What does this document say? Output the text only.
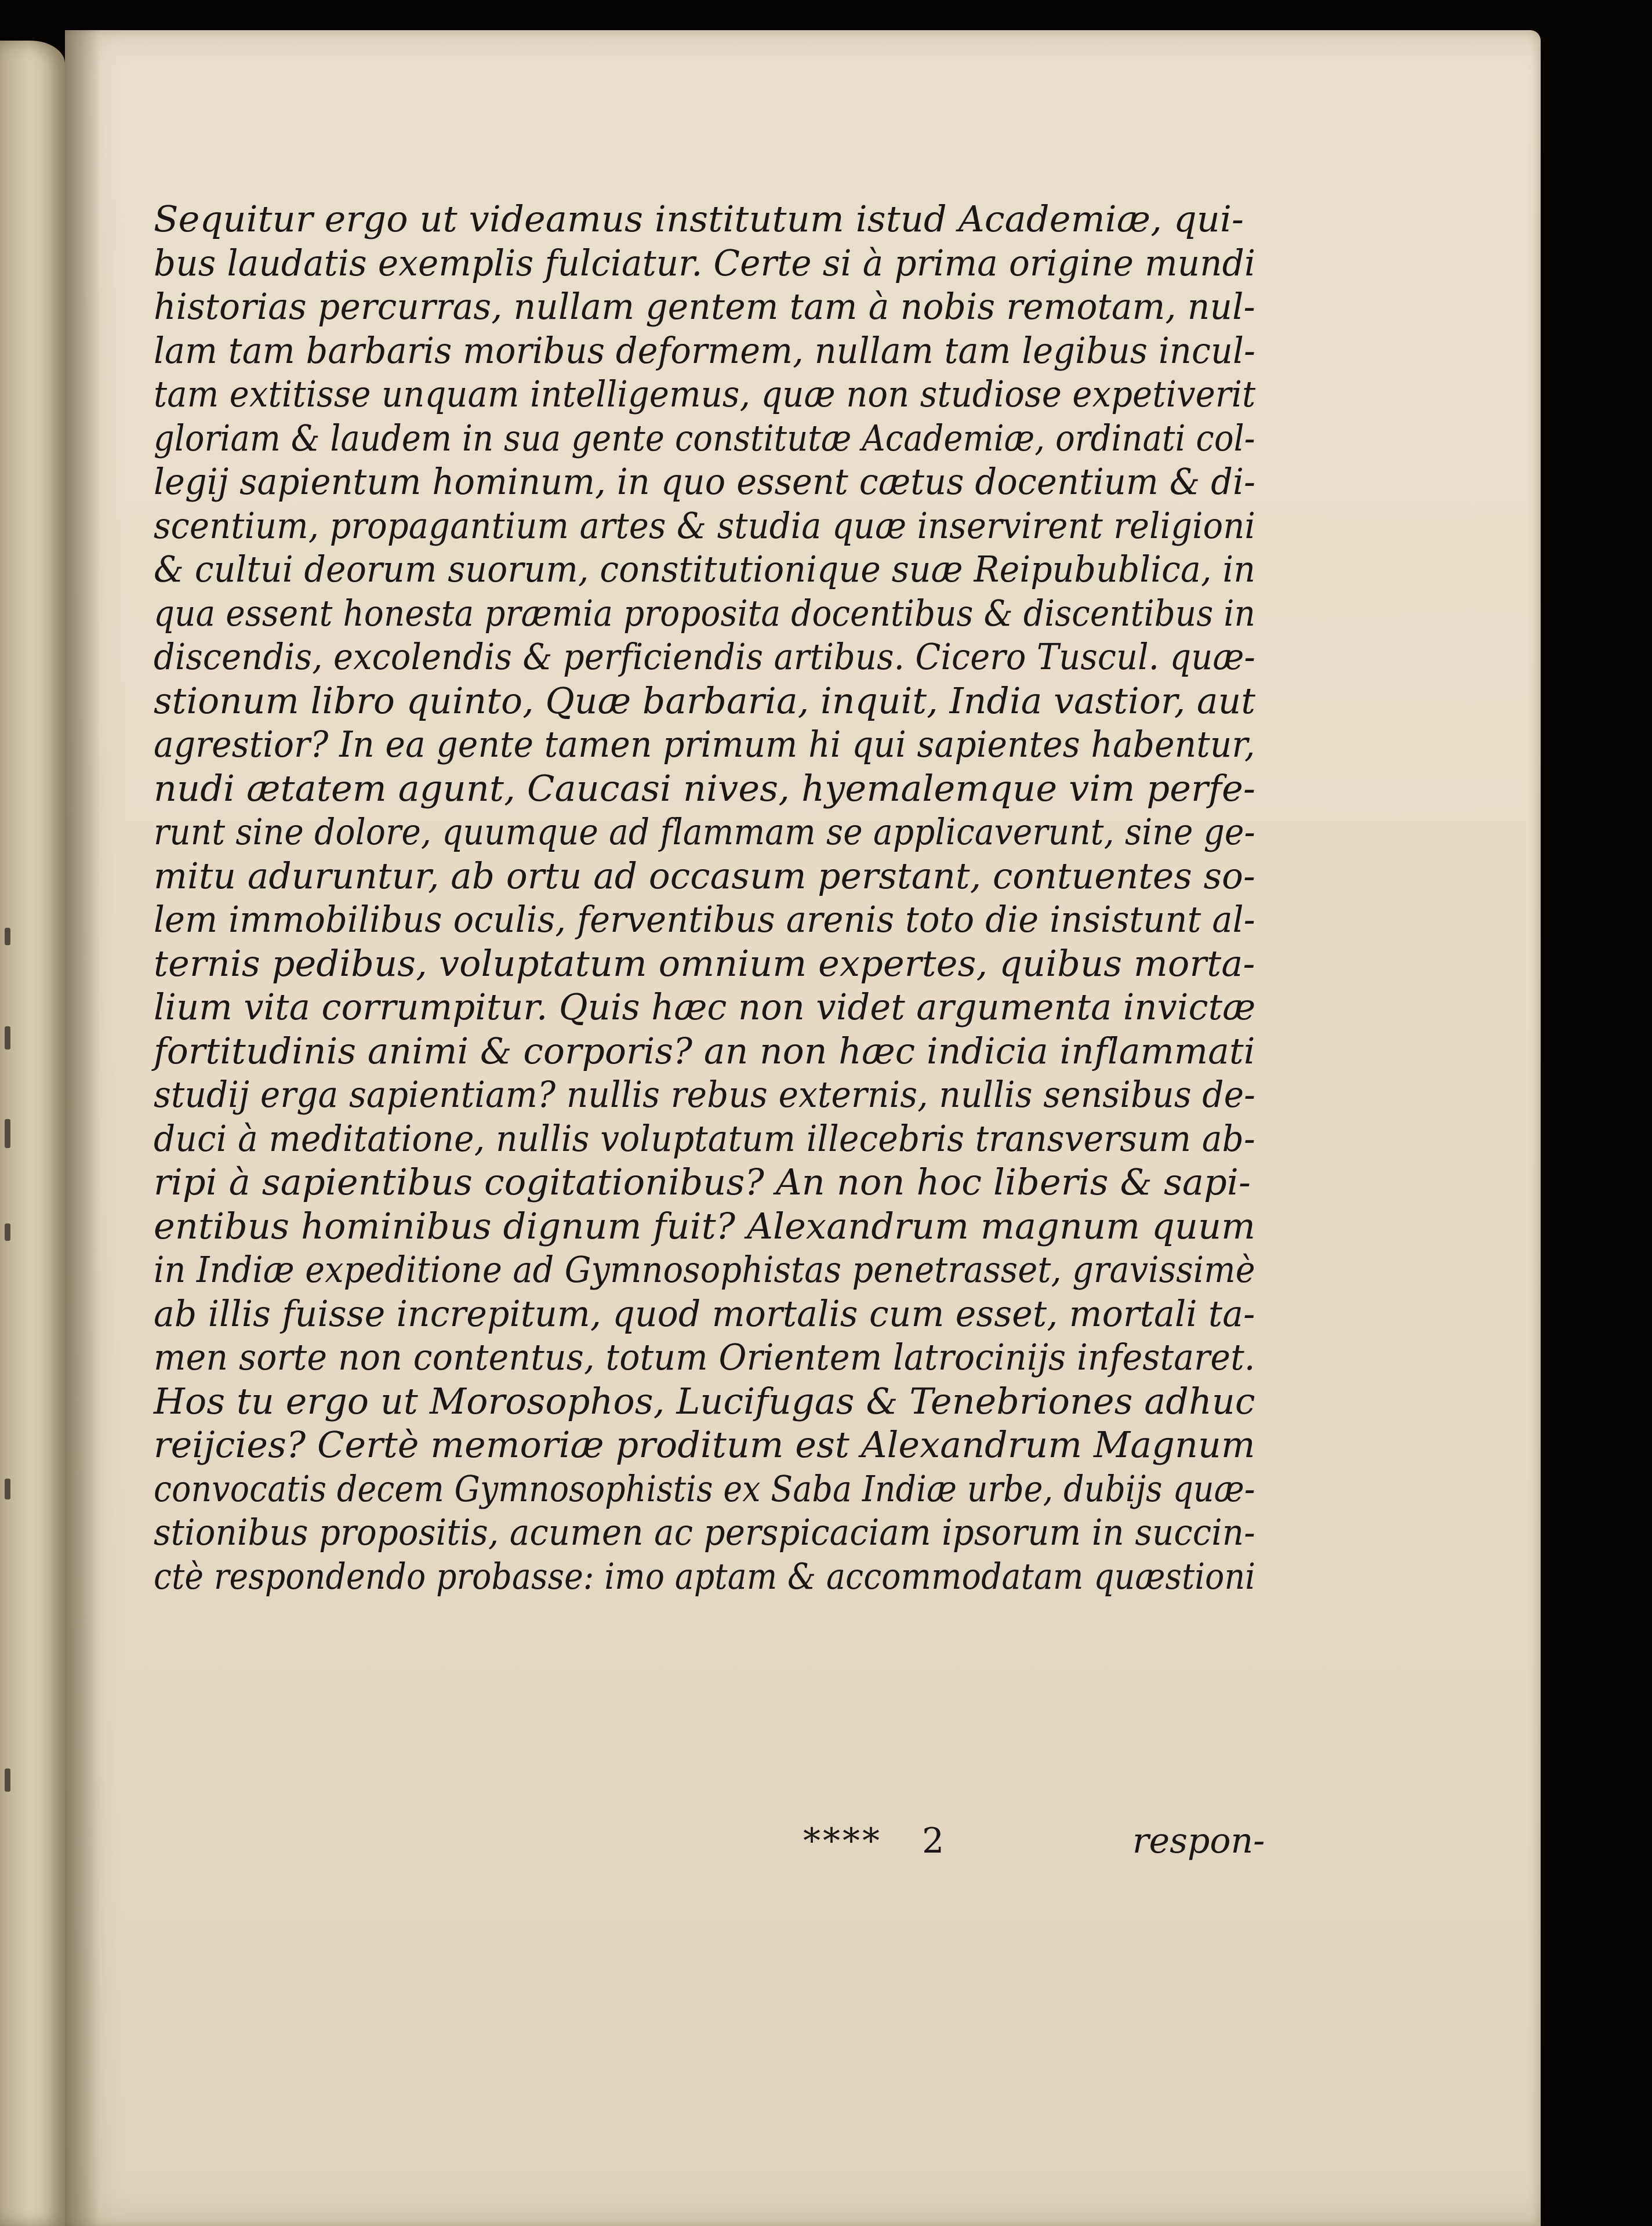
Sequitur ergo ut videamus institutum istud Academiæ, qui-
bus laudatis exemplis fulciatur. Certe si à prima origine mundi
historias percurras, nullam gentem tam à nobis remotam, nul-
lam tam barbaris moribus deformem, nullam tam legibus incul-
tam extitisse unquam intelligemus, quæ non studiose expetiverit
gloriam & laudem in sua gente constitutæ Academiæ, ordinati col-
legij sapientum hominum, in quo essent cætus docentium & di-
scentium, propagantium artes & studia quæ inservirent religioni
& cultui deorum suorum, constitutionique suæ Reipububliсa, in
qua essent honesta præmia proposita docentibus & discentibus in
discendis, excolendis & perficiendis artibus. Cicero Tuscul. quæ-
stionum libro quinto, Quæ barbaria, inquit, India vastior, aut
agrestior? In ea gente tamen primum hi qui sapientes habentur,
nudi ætatem agunt, Caucasi nives, hyemalemque vim perfe-
runt sine dolore, quumque ad flammam se applicaverunt, sine ge-
mitu aduruntur, ab ortu ad occasum perstant, contuentes so-
lem immobilibus oculis, ferventibus arenis toto die insistunt al-
ternis pedibus, voluptatum omnium expertes, quibus morta-
lium vita corrumpitur. Quis hæc non videt argumenta invictæ
fortitudinis animi & corporis? an non hæc indicia inflammati
studij erga sapientiam? nullis rebus externis, nullis sensibus de-
duci à meditatione, nullis voluptatum illecebris transversum ab-
ripi à sapientibus cogitationibus? An non hoc liberis & sapi-
entibus hominibus dignum fuit? Alexandrum magnum quum
in Indiæ expeditione ad Gymnosophistas penetrasset, gravissimè
ab illis fuisse increpitum, quod mortalis cum esset, mortali ta-
men sorte non contentus, totum Orientem latrocinijs infestaret.
Hos tu ergo ut Morosophos, Lucifugas & Tenebriones adhuc
reijcies? Certè memoriæ proditum est Alexandrum Magnum
convocatis decem Gymnosophistis ex Saba Indiæ urbe, dubijs quæ-
stionibus propositis, acumen ac perspicaciam ipsorum in succin-
ctè respondendo probasse: imo aptam & accommodatam quæstioni
**** 2	respon-
